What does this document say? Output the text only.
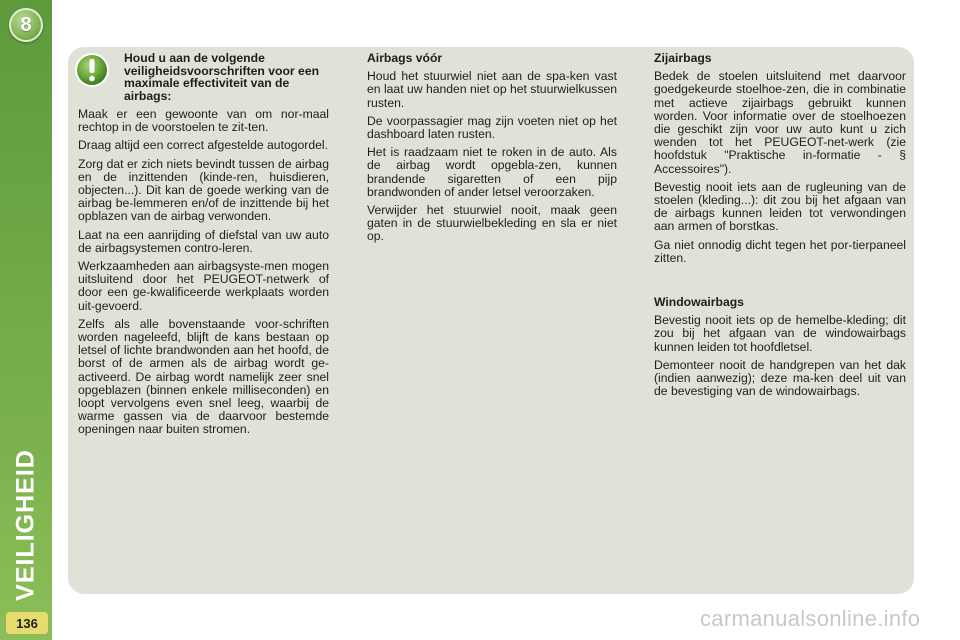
8
VEILIGHEID
136

Houd u aan de volgende veiligheidsvoorschriften voor een maximale effectiviteit van de airbags:

Maak er een gewoonte van om nor-maal rechtop in de voorstoelen te zit-ten.

Draag altijd een correct afgestelde autogordel.

Zorg dat er zich niets bevindt tussen de airbag en de inzittenden (kinde-ren, huisdieren, objecten...). Dit kan de goede werking van de airbag be-lemmeren en/of de inzittende bij het opblazen van de airbag verwonden.

Laat na een aanrijding of diefstal van uw auto de airbagsystemen contro-leren.

Werkzaamheden aan airbagsyste-men mogen uitsluitend door het PEUGEOT-netwerk of door een ge-kwalificeerde werkplaats worden uit-gevoerd.

Zelfs als alle bovenstaande voor-schriften worden nageleefd, blijft de kans bestaan op letsel of lichte brandwonden aan het hoofd, de borst of de armen als de airbag wordt ge-activeerd. De airbag wordt namelijk zeer snel opgeblazen (binnen enkele milliseconden) en loopt vervolgens even snel leeg, waarbij de warme gassen via de daarvoor bestemde openingen naar buiten stromen.

Airbags vóór

Houd het stuurwiel niet aan de spa-ken vast en laat uw handen niet op het stuurwielkussen rusten.

De voorpassagier mag zijn voeten niet op het dashboard laten rusten.

Het is raadzaam niet te roken in de auto. Als de airbag wordt opgebla-zen, kunnen brandende sigaretten of een pijp brandwonden of ander letsel veroorzaken.

Verwijder het stuurwiel nooit, maak geen gaten in de stuurwielbekleding en sla er niet op.

Zijairbags

Bedek de stoelen uitsluitend met daarvoor goedgekeurde stoelhoe-zen, die in combinatie met actieve zijairbags gebruikt kunnen worden. Voor informatie over de stoelhoezen die geschikt zijn voor uw auto kunt u zich wenden tot het PEUGEOT-net-werk (zie hoofdstuk "Praktische in-formatie - § Accessoires").

Bevestig nooit iets aan de rugleuning van de stoelen (kleding...): dit zou bij het afgaan van de airbags kunnen leiden tot verwondingen aan armen of borstkas.

Ga niet onnodig dicht tegen het por-tierpaneel zitten.

Windowairbags

Bevestig nooit iets op de hemelbe-kleding; dit zou bij het afgaan van de windowairbags kunnen leiden tot hoofdletsel.

Demonteer nooit de handgrepen van het dak (indien aanwezig); deze ma-ken deel uit van de bevestiging van de windowairbags.

carmanualsonline.info
